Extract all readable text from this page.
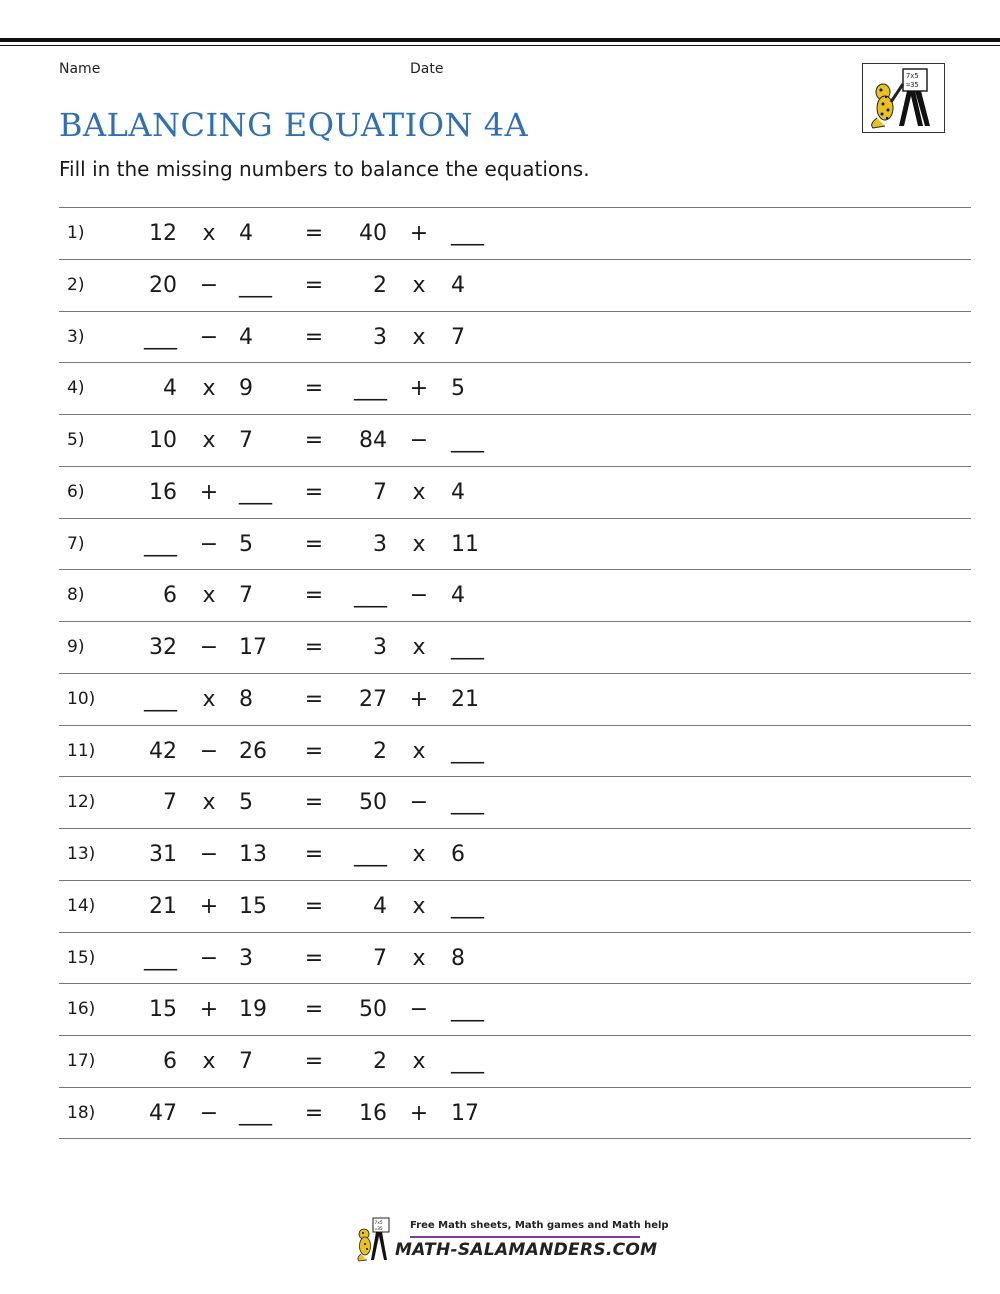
Name	Date	7x5
=35
BALANCING EQUATION 4A
Fill in the missing numbers to balance the equations.
1)	12 x 4	=	40 + ___
2)	20 − ___	=	2 x 4
3)	___ − 4	=	3 x 7
4)	4 x 9	=	___ + 5
5)	10 x 7	=	84 − ___
6)	16 + ___	=	7 x 4
7)	___ − 5	=	3 x 11
8)	6 x 7	=	___ − 4
9)	32 − 17	=	3 x ___
10)	___ x 8	=	27 + 21
11)	42 − 26	=	2 x ___
12)	7 x 5	=	50 − ___
13)	31 − 13	=	___ x 6
14)	21 + 15	=	4 x ___
15)	___ − 3	=	7 x 8
16)	15 + 19	=	50 − ___
17)	6 x 7	=	2 x ___
18)	47 − ___	=	16 + 17
7x5
=35	Free Math sheets, Math games and Math help
MATH-SALAMANDERS.COM
